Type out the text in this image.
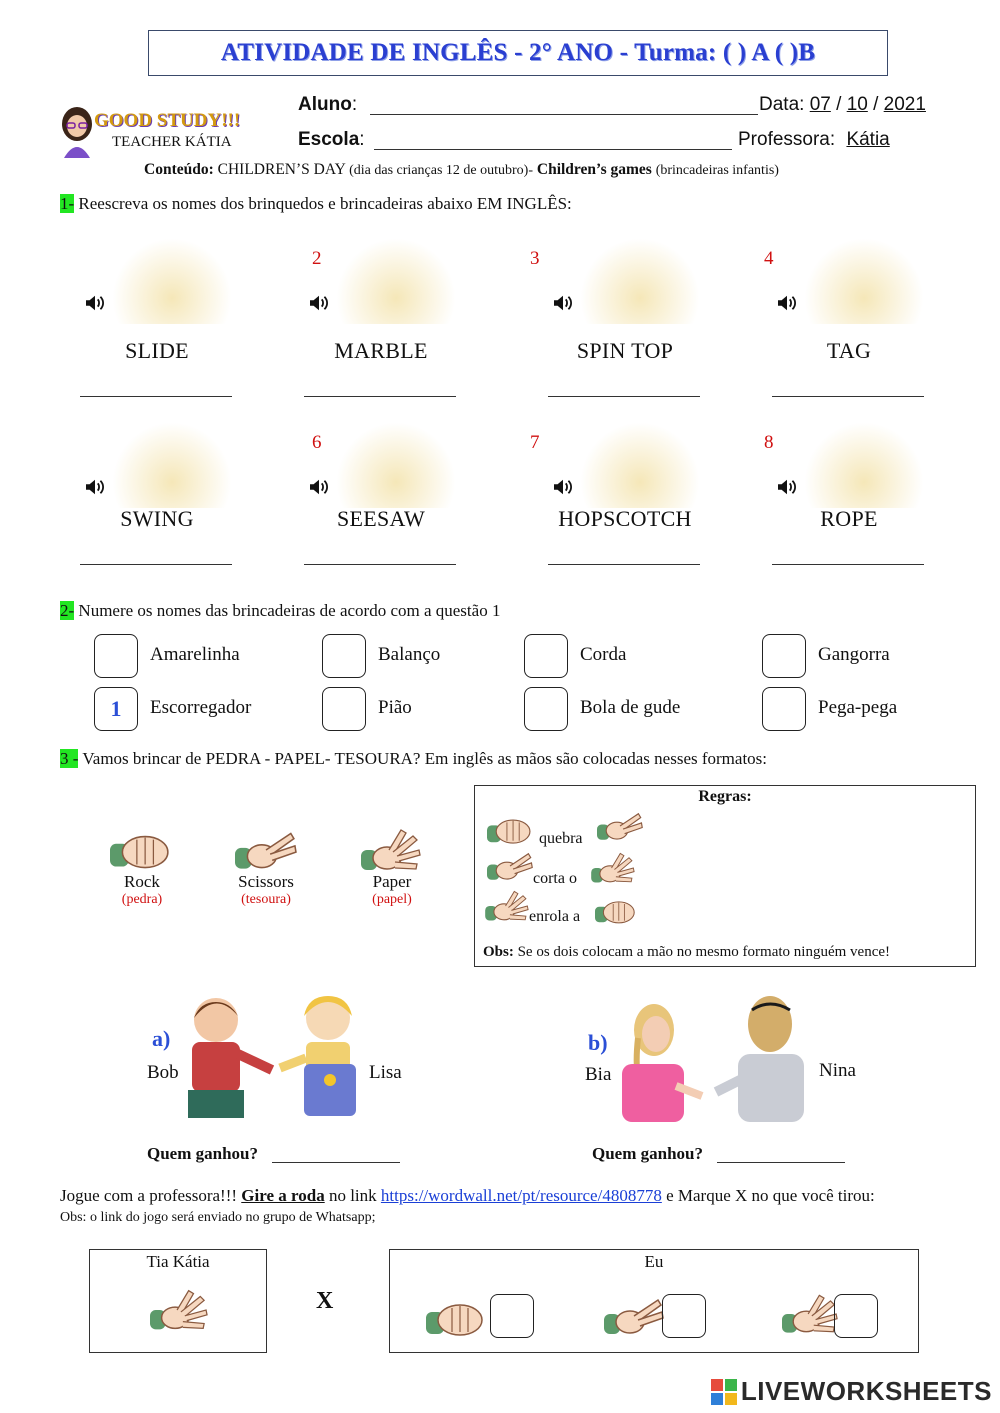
ATIVIDADE DE INGLÊS - 2° ANO - Turma: ( ) A ( )B
GOOD STUDY!!!
TEACHER KÁTIA
Aluno:	Data: 07 / 10 / 2021
Escola:	Professora: Kátia
Conteúdo: CHILDREN’S DAY (dia das crianças 12 de outubro)- Children’s games (brincadeiras infantis)
1- Reescreva os nomes dos brinquedos e brincadeiras abaixo EM INGLÊS:
SLIDE
2
MARBLE
3
SPIN TOP
4
TAG
SWING
6
SEESAW
7
HOPSCOTCH
8
ROPE
2- Numere os nomes das brincadeiras de acordo com a questão 1
Amarelinha	Balanço	Corda	Gangorra
1	Escorregador	Pião	Bola de gude	Pega-pega
3 - Vamos brincar de PEDRA - PAPEL- TESOURA? Em inglês as mãos são colocadas nesses formatos:
Rock
(pedra)
Scissors
(tesoura)
Paper
(papel)
Regras:
quebra
corta o
enrola a
Obs: Se os dois colocam a mão no mesmo formato ninguém vence!
a)
Bob	Lisa
Quem ganhou?
b)
Bia	Nina
Quem ganhou?
Jogue com a professora!!! Gire a roda no link https://wordwall.net/pt/resource/4808778 e Marque X no que você tirou:
Obs: o link do jogo será enviado no grupo de Whatsapp;
Tia Kátia
X
Eu
LIVEWORKSHEETS
